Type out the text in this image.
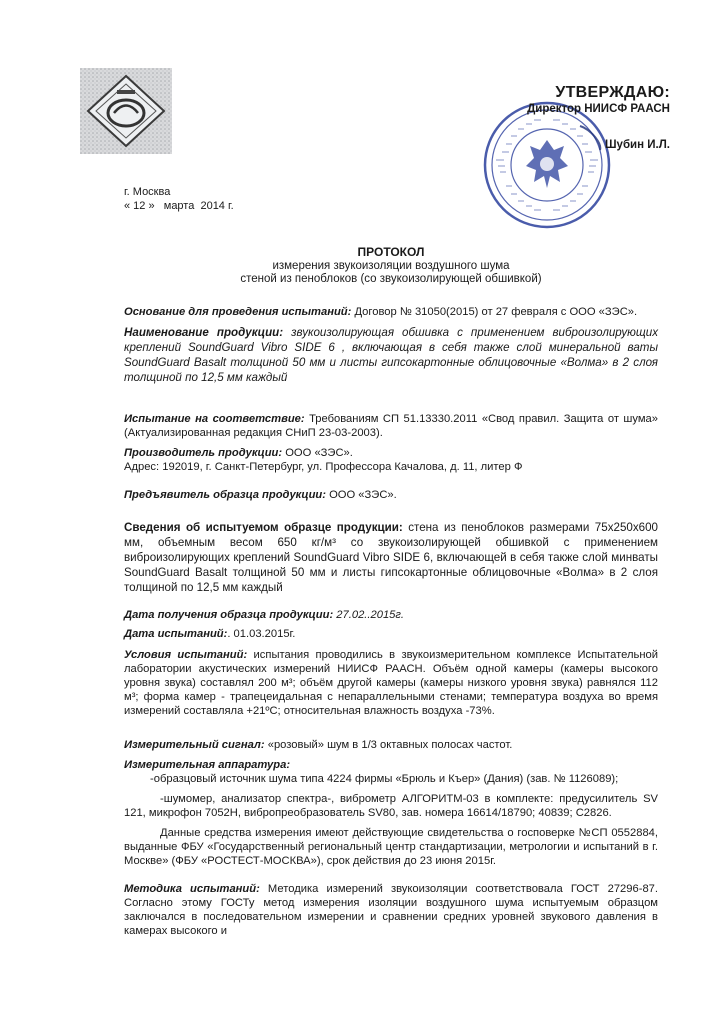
УТВЕРЖДАЮ:
Директор НИИСФ РААСН
Шубин И.Л.
г. Москва
« 12 »   марта  2014 г.
ПРОТОКОЛ
измерения звукоизоляции воздушного шума
стеной из пеноблоков (со звукоизолирующей обшивкой)

Основание для проведения испытаний: Договор № 31050(2015) от 27 февраля с ООО «ЗЭС».

Наименование продукции: звукоизолирующая обшивка с применением виброизолирующих креплений SoundGuard Vibro SIDE 6 , включающая в себя также слой минеральной ваты SoundGuard Basalt толщиной 50 мм и листы гипсокартонные облицовочные «Волма» в 2 слоя толщиной по 12,5 мм каждый

Испытание на соответствие: Требованиям СП 51.13330.2011 «Свод правил. Защита от шума» (Актуализированная редакция СНиП 23-03-2003).

Производитель продукции: ООО «ЗЭС».

Адрес: 192019, г. Санкт-Петербург, ул. Профессора Качалова, д. 11, литер Ф

Предъявитель образца продукции: ООО «ЗЭС».

Сведения об испытуемом образце продукции: стена из пеноблоков размерами 75х250х600 мм, объемным весом 650 кг/м³ со звукоизолирующей обшивкой с применением виброизолирующих креплений SoundGuard Vibro SIDE 6, включающей в себя также слой минваты SoundGuard Basalt толщиной 50 мм и листы гипсокартонные облицовочные «Волма» в 2 слоя толщиной по 12,5 мм каждый

Дата получения образца продукции: 27.02..2015г.

Дата испытаний:. 01.03.2015г.

Условия испытаний: испытания проводились в звукоизмерительном комплексе Испытательной лаборатории акустических измерений НИИСФ РААСН. Объём одной камеры (камеры высокого уровня звука) составлял 200 м³; объём другой камеры (камеры низкого уровня звука) равнялся 112 м³; форма камер - трапецеидальная с непараллельными стенами; температура воздуха во время измерений составляла +21ºС; относительная влажность воздуха -73%.

Измерительный сигнал: «розовый» шум в 1/3 октавных полосах частот.

Измерительная аппаратура:

-образцовый источник шума типа 4224 фирмы «Брюль и Къер» (Дания) (зав. № 1126089);

-шумомер, анализатор спектра-, виброметр АЛГОРИТМ-03 в комплекте: предусилитель SV 121, микрофон 7052Н, вибропреобразователь SV80, зав. номера 16614/18790; 40839; С2826.

Данные средства измерения имеют действующие свидетельства о госповерке №СП 0552884, выданные ФБУ «Государственный региональный центр стандартизации, метрологии и испытаний в г. Москве» (ФБУ «РОСТЕСТ-МОСКВА»), срок действия до 23 июня 2015г.

Методика испытаний: Методика измерений звукоизоляции соответствовала ГОСТ 27296-87. Согласно этому ГОСТу метод измерения изоляции воздушного шума испытуемым образцом заключался в последовательном измерении и сравнении средних уровней звукового давления в камерах высокого и
